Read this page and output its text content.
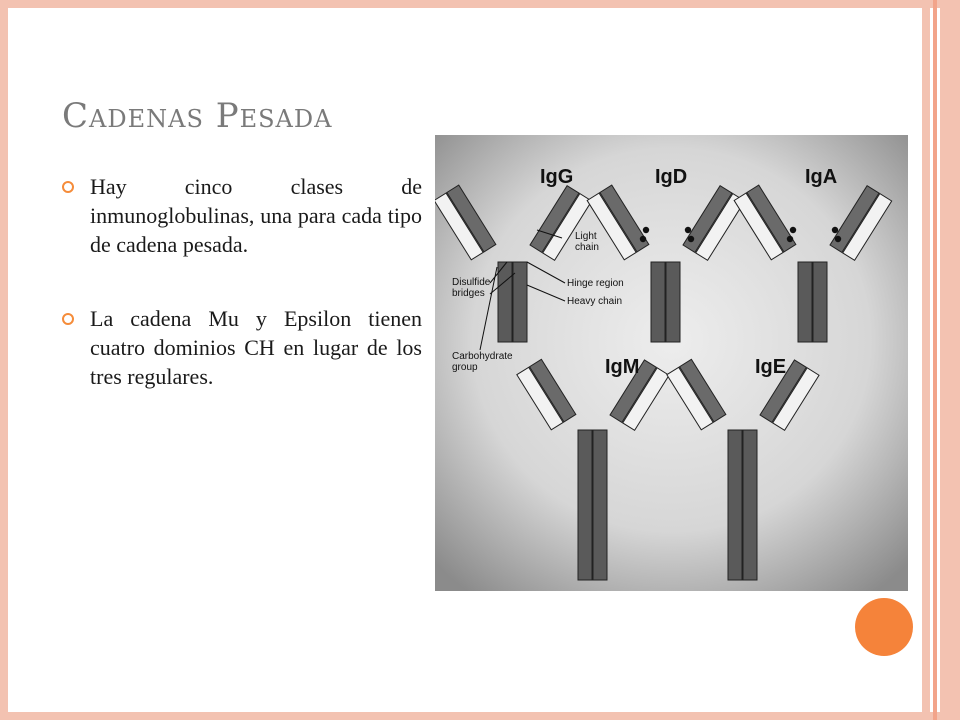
Cadenas Pesada
Hay cinco clases de inmunoglobulinas, una para cada tipo de cadena pesada.
La cadena Mu y Epsilon tienen cuatro dominios CH en lugar de los tres regulares.
IgG	IgD	IgA
IgM	IgE
Light
chain
Hinge region
Heavy chain
Disulfide
bridges
Carbohydrate
group
